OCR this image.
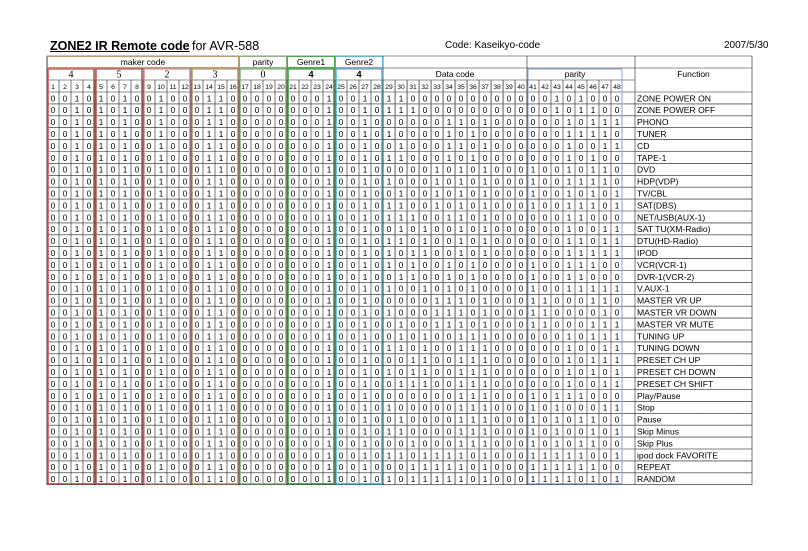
ZONE2 IR Remote code for AVR-588	Code: Kaseikyo-code	2007/5/30
maker code	parity	Genre1 Genre2
Data code	parity	Function
4	5	2	3	0	4	4
1 2 3 4 5 6 7 8 9 10 11 12 13 14 15 16 17 18 19 20 21 22 23 24 25 26 27 28 29 30 31 32 33 34 35 36 37 38 39 40 41 42 43 44 45 46 47 48
0 0 1 0 1 0 1 0 0 1 0 0 0 1 1 0 0 0 0 0 0 0 0 1 0 0 1 0 1 1 0 0 0 0 0 0 0 0 0 0 0 0 1 0 1 0 0 0 ZONE POWER ON
0 0 1 0 1 0 1 0 0 1 0 0 0 1 1 0 0 0 0 0 0 0 0 1 0 0 1 0 1 1 1 0 0 0 0 0 0 0 0 0 0 0 1 0 1 1 0 0 ZONE POWER OFF
0 0 1 0 1 0 1 0 0 1 0 0 0 1 1 0 0 0 0 0 0 0 0 1 0 0 1 0 0 0 0 0 0 1 1 0 1 0 0 0 0 0 0 1 0 1 1 1 PHONO
0 0 1 0 1 0 1 0 0 1 0 0 0 1 1 0 0 0 0 0 0 0 0 1 0 0 1 0 1 0 0 0 0 1 0 1 0 0 0 0 0 0 0 1 1 1 1 0 TUNER
0 0 1 0 1 0 1 0 0 1 0 0 0 1 1 0 0 0 0 0 0 0 0 1 0 0 1 0 0 1 0 0 0 1 1 0 1 0 0 0 0 0 0 1 0 0 1 1 CD
0 0 1 0 1 0 1 0 0 1 0 0 0 1 1 0 0 0 0 0 0 0 0 1 0 0 1 0 1 1 0 0 0 1 0 1 0 0 0 0 0 0 0 1 0 1 0 0 TAPE-1
0 0 1 0 1 0 1 0 0 1 0 0 0 1 1 0 0 0 0 0 0 0 0 1 0 0 1 0 0 0 0 0 1 0 1 0 1 0 0 0 1 0 0 1 0 1 1 0 DVD
0 0 1 0 1 0 1 0 0 1 0 0 0 1 1 0 0 0 0 0 0 0 0 1 0 0 1 0 1 0 0 0 1 0 1 0 1 0 0 0 1 0 0 1 1 1 1 0 HDP(VDP)
0 0 1 0 1 0 1 0 0 1 0 0 0 1 1 0 0 0 0 0 0 0 0 1 0 0 1 0 0 1 0 0 1 0 1 0 1 0 0 0 1 0 0 1 0 1 0 1 TV/CBL
0 0 1 0 1 0 1 0 0 1 0 0 0 1 1 0 0 0 0 0 0 0 0 1 0 0 1 0 1 1 0 0 1 0 1 0 1 0 0 0 1 0 0 1 1 1 0 1 SAT(DBS)
0 0 1 0 1 0 1 0 0 1 0 0 0 1 1 0 0 0 0 0 0 0 0 1 0 0 1 0 1 1 1 0 0 1 1 0 1 0 0 0 0 0 0 1 1 0 0 0 NET/USB(AUX-1)
0 0 1 0 1 0 1 0 0 1 0 0 0 1 1 0 0 0 0 0 0 0 0 1 0 0 1 0 0 1 0 1 0 0 1 0 1 0 0 0 0 0 0 1 0 0 1 1 SAT TU(XM-Radio)
0 0 1 0 1 0 1 0 0 1 0 0 0 1 1 0 0 0 0 0 0 0 0 1 0 0 1 0 1 1 0 1 0 0 1 0 1 0 0 0 0 0 0 1 1 0 1 1 DTU(HD-Radio)
0 0 1 0 1 0 1 0 0 1 0 0 0 1 1 0 0 0 0 0 0 0 0 1 0 0 1 0 1 0 1 1 0 0 1 0 1 0 0 0 0 0 0 1 1 1 1 1 IPOD
0 0 1 0 1 0 1 0 0 1 0 0 0 1 1 0 0 0 0 0 0 0 0 1 0 0 1 0 1 0 1 0 0 1 0 1 0 0 0 0 1 0 0 1 1 1 0 0 VCR(VCR-1)
0 0 1 0 1 0 1 0 0 1 0 0 0 1 1 0 0 0 0 0 0 0 0 1 0 0 1 0 0 1 1 0 0 1 0 1 0 0 0 0 1 0 0 1 1 0 0 0 DVR-1(VCR-2)
0 0 1 0 1 0 1 0 0 1 0 0 0 1 1 0 0 0 0 0 0 0 0 1 0 0 1 0 1 0 0 1 0 1 0 1 0 0 0 0 1 0 0 1 1 1 1 1 V.AUX-1
0 0 1 0 1 0 1 0 0 1 0 0 0 1 1 0 0 0 0 0 0 0 0 1 0 0 1 0 0 0 0 0 1 1 1 0 1 0 0 0 1 1 0 0 0 1 1 0 MASTER VR UP
0 0 1 0 1 0 1 0 0 1 0 0 0 1 1 0 0 0 0 0 0 0 0 1 0 0 1 0 1 0 0 0 1 1 1 0 1 0 0 0 1 1 0 0 0 0 1 0 MASTER VR DOWN
0 0 1 0 1 0 1 0 0 1 0 0 0 1 1 0 0 0 0 0 0 0 0 1 0 0 1 0 0 1 0 0 1 1 1 0 1 0 0 0 1 1 0 0 0 1 1 1 MASTER VR MUTE
0 0 1 0 1 0 1 0 0 1 0 0 0 1 1 0 0 0 0 0 0 0 0 1 0 0 1 0 0 1 0 1 0 0 1 1 1 0 0 0 0 0 0 1 0 1 1 1 TUNING UP
0 0 1 0 1 0 1 0 0 1 0 0 0 1 1 0 0 0 0 0 0 0 0 1 0 0 1 0 1 1 0 1 0 0 1 1 1 0 0 0 0 0 0 1 0 0 1 1 TUNING DOWN
0 0 1 0 1 0 1 0 0 1 0 0 0 1 1 0 0 0 0 0 0 0 0 1 0 0 1 0 0 0 1 1 0 0 1 1 1 0 0 0 0 0 0 1 0 1 1 1 PRESET CH UP
0 0 1 0 1 0 1 0 0 1 0 0 0 1 1 0 0 0 0 0 0 0 0 1 0 0 1 0 1 0 1 1 0 0 1 1 1 0 0 0 0 0 0 1 0 1 0 1 PRESET CH DOWN
0 0 1 0 1 0 1 0 0 1 0 0 0 1 1 0 0 0 0 0 0 0 0 1 0 0 1 0 0 1 1 1 0 0 1 1 1 0 0 0 0 0 0 1 0 0 1 1 PRESET CH SHIFT
0 0 1 0 1 0 1 0 0 1 0 0 0 1 1 0 0 0 0 0 0 0 0 1 0 0 1 0 0 0 0 0 0 0 1 1 1 0 0 0 1 0 1 1 1 0 0 0 Play/Pause
0 0 1 0 1 0 1 0 0 1 0 0 0 1 1 0 0 0 0 0 0 0 0 1 0 0 1 0 1 0 0 0 0 0 1 1 1 0 0 0 1 0 1 0 0 0 1 1 Stop
0 0 1 0 1 0 1 0 0 1 0 0 0 1 1 0 0 0 0 0 0 0 0 1 0 0 1 0 0 1 0 0 0 0 1 1 1 0 0 0 1 0 1 0 1 1 0 0 Pause
0 0 1 0 1 0 1 0 0 1 0 0 0 1 1 0 0 0 0 0 0 0 0 1 0 0 1 0 1 1 0 0 0 0 1 1 1 0 0 0 1 0 1 0 0 1 0 1 Skip Minus
0 0 1 0 1 0 1 0 0 1 0 0 0 1 1 0 0 0 0 0 0 0 0 1 0 0 1 0 0 0 1 0 0 0 1 1 1 0 0 0 1 0 1 0 1 1 0 0 Skip Plus
0 0 1 0 1 0 1 0 0 1 0 0 0 1 1 0 0 0 0 0 0 0 0 1 0 0 1 0 1 1 0 1 1 1 1 0 1 0 0 0 1 1 1 1 1 0 0 1 ipod dock FAVORITE
0 0 1 0 1 0 1 0 0 1 0 0 0 1 1 0 0 0 0 0 0 0 0 1 0 0 1 0 0 0 1 1 1 1 1 0 1 0 0 0 1 1 1 1 1 1 0 0 REPEAT
0 0 1 0 1 0 1 0 0 1 0 0 0 1 1 0 0 0 0 0 0 0 0 1 0 0 1 0 1 0 1 1 1 1 1 0 1 0 0 0 1 1 1 1 0 1 0 1 RANDOM
